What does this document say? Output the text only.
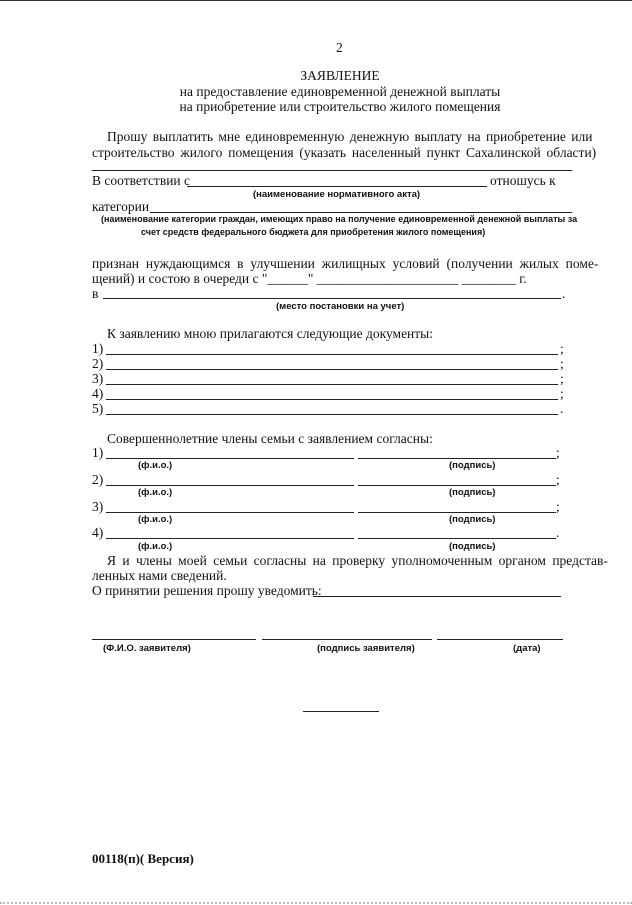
2
ЗАЯВЛЕНИЕ
на предоставление единовременной денежной выплаты
на приобретение или строительство жилого помещения
Прошу выплатить мне единовременную денежную выплату на приобретение или
строительство жилого помещения (указать населенный пункт Сахалинской области)
В соответствии с	отношусь к
(наименование нормативного акта)
категории
(наименование категории граждан, имеющих право на получение единовременной денежной выплаты за
счет средств федерального бюджета для приобретения жилого помещения)
признан нуждающимся в улучшении жилищных условий (получении жилых поме-
щений) и состою в очереди с "______" _____________________ ________ г.
в	.
(место постановки на учет)
К заявлению мною прилагаются следующие документы:
1)	;
2)	;
3)	;
4)	;
5)	.
Совершеннолетние члены семьи с заявлением согласны:
1)	;
(ф.и.о.)	(подпись)
2)	;
(ф.и.о.)	(подпись)
3)	;
(ф.и.о.)	(подпись)
4)	.
(ф.и.о.)	(подпись)
Я и члены моей семьи согласны на проверку уполномоченным органом представ-
ленных нами сведений.
О принятии решения прошу уведомить:
(Ф.И.О. заявителя)	(подпись заявителя)	(дата)
00118(п)( Версия)
